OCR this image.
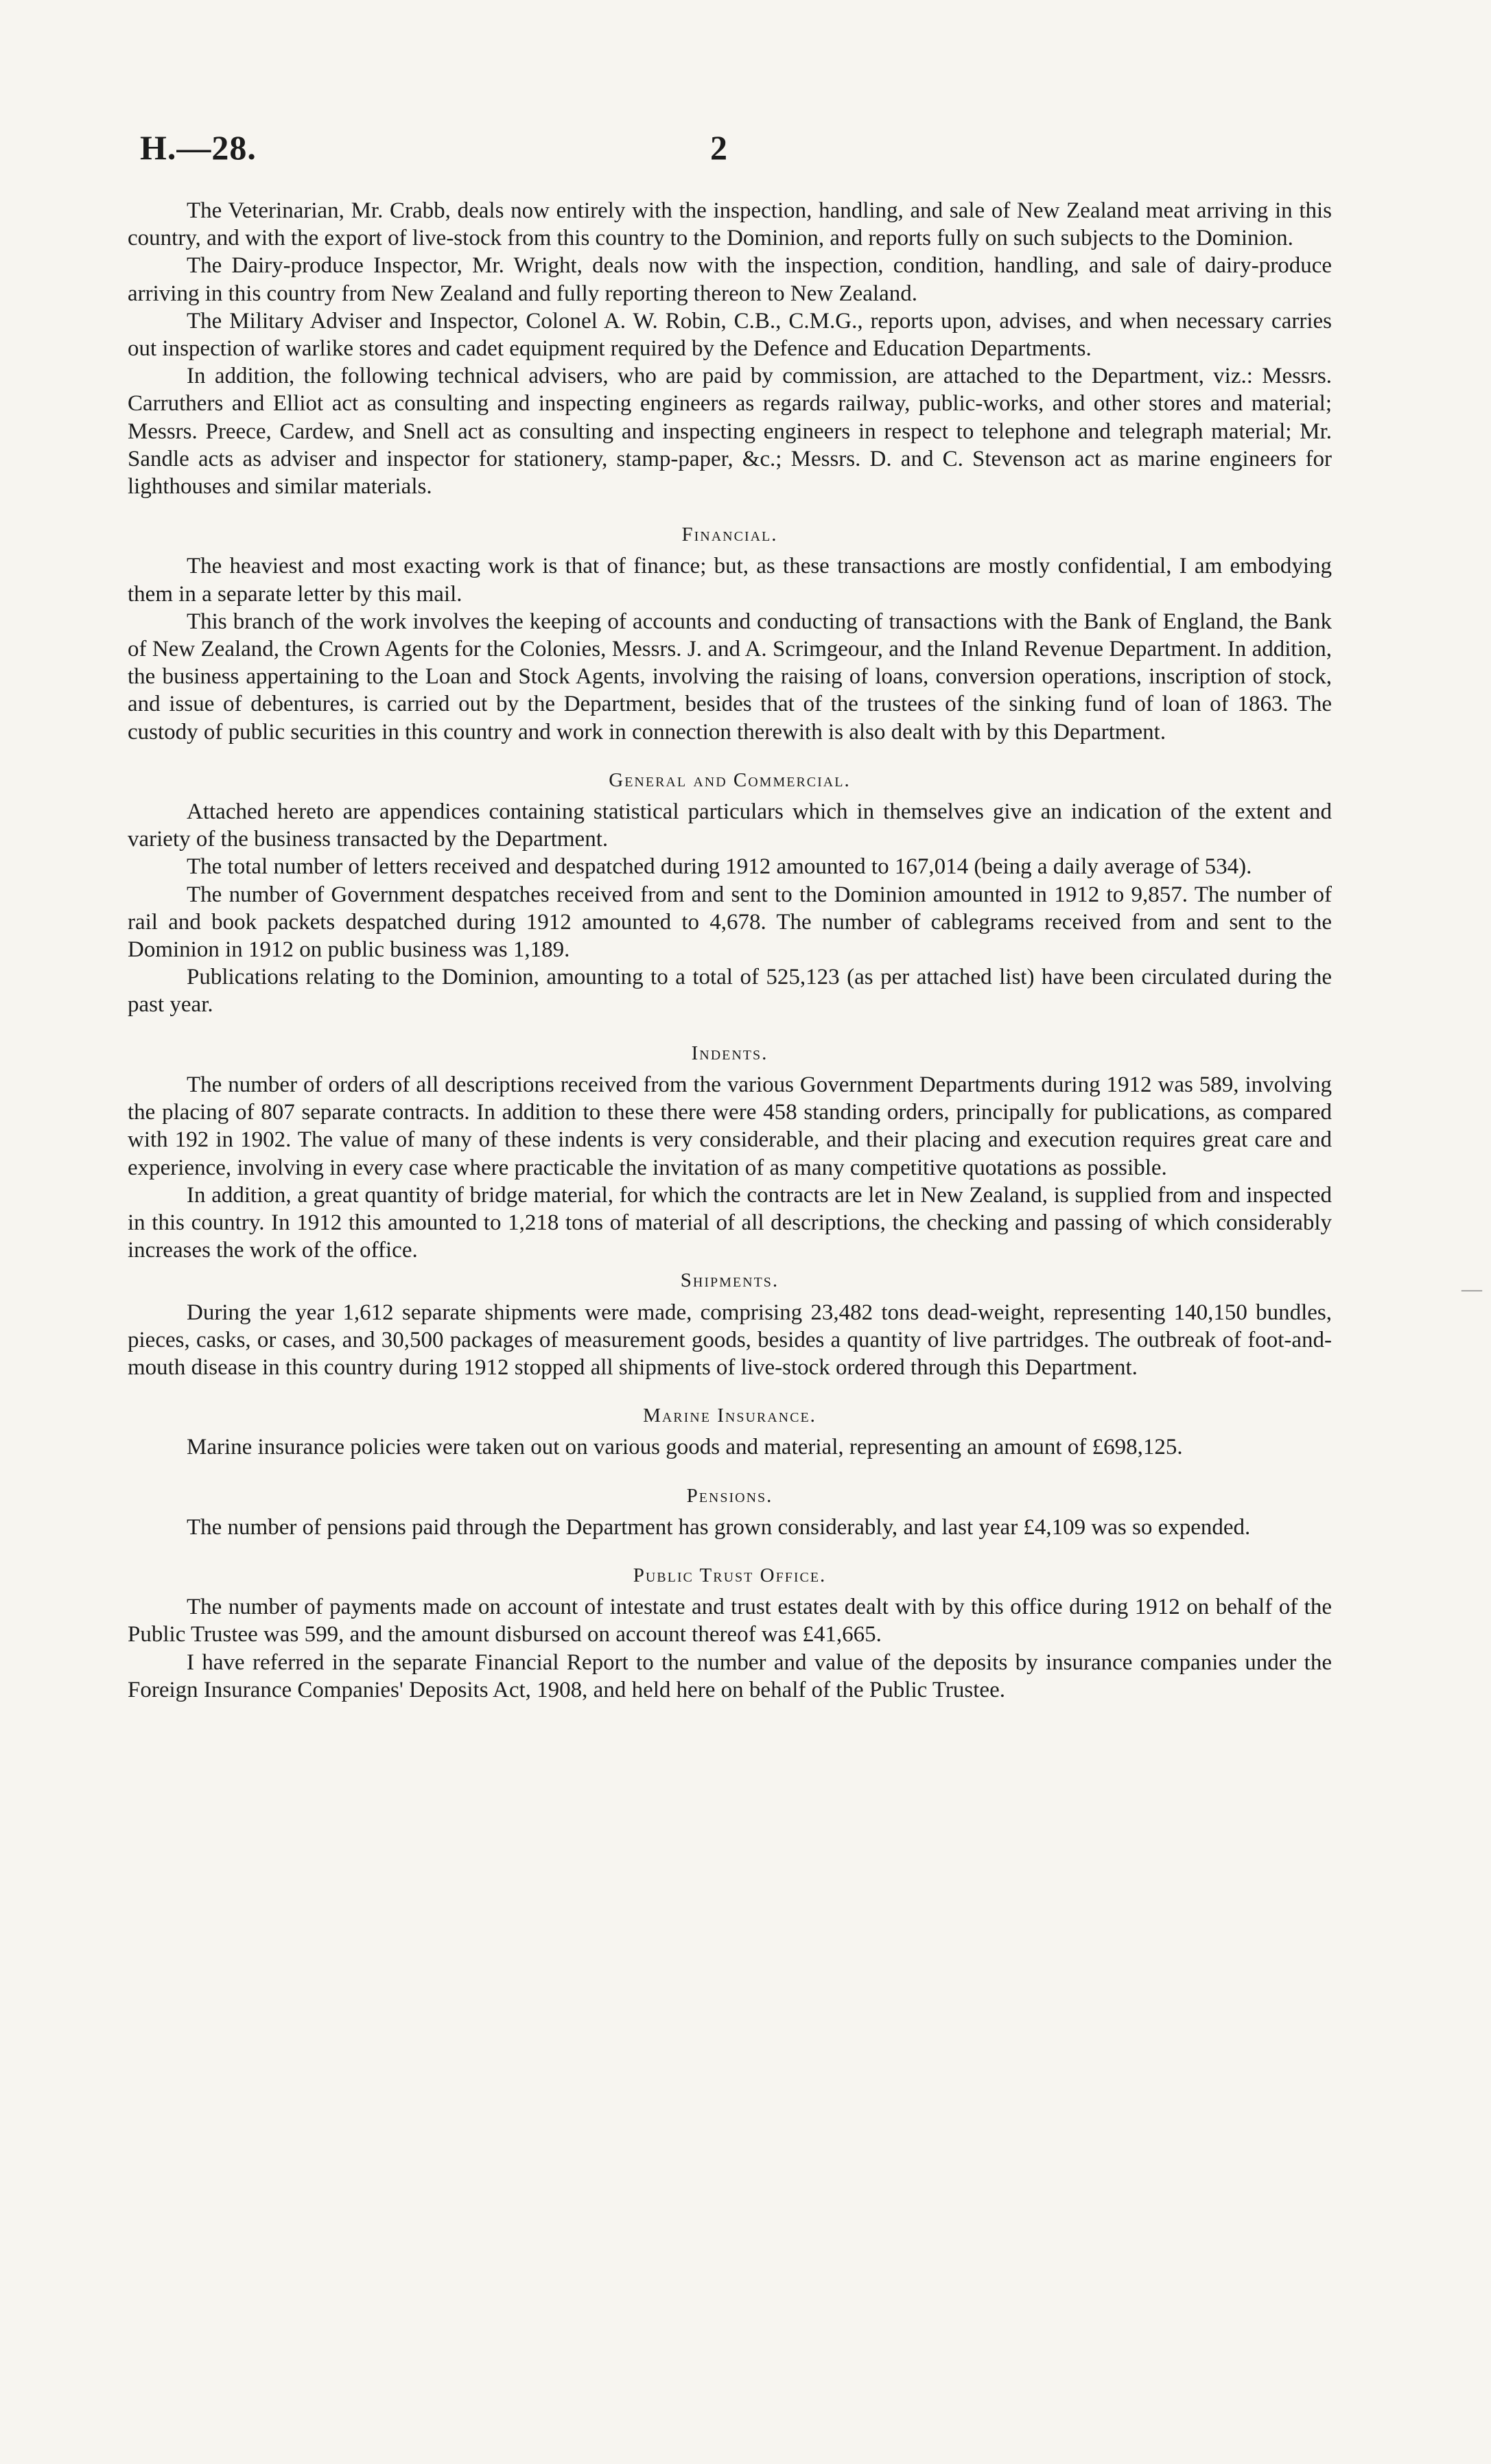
H.—28.	2

The Veterinarian, Mr. Crabb, deals now entirely with the inspection, handling, and sale of New Zealand meat arriving in this country, and with the export of live-stock from this country to the Dominion, and reports fully on such subjects to the Dominion.

The Dairy-produce Inspector, Mr. Wright, deals now with the inspection, condition, handling, and sale of dairy-produce arriving in this country from New Zealand and fully reporting thereon to New Zealand.

The Military Adviser and Inspector, Colonel A. W. Robin, C.B., C.M.G., reports upon, advises, and when necessary carries out inspection of warlike stores and cadet equipment required by the Defence and Education Departments.

In addition, the following technical advisers, who are paid by commission, are attached to the Department, viz.: Messrs. Carruthers and Elliot act as consulting and inspecting engineers as regards railway, public-works, and other stores and material; Messrs. Preece, Cardew, and Snell act as consulting and inspecting engineers in respect to telephone and telegraph material; Mr. Sandle acts as adviser and inspector for stationery, stamp-paper, &c.; Messrs. D. and C. Stevenson act as marine engineers for lighthouses and similar materials.

Financial.

The heaviest and most exacting work is that of finance; but, as these transactions are mostly confidential, I am embodying them in a separate letter by this mail.

This branch of the work involves the keeping of accounts and conducting of transactions with the Bank of England, the Bank of New Zealand, the Crown Agents for the Colonies, Messrs. J. and A. Scrimgeour, and the Inland Revenue Department. In addition, the business appertaining to the Loan and Stock Agents, involving the raising of loans, conversion operations, inscription of stock, and issue of debentures, is carried out by the Department, besides that of the trustees of the sinking fund of loan of 1863. The custody of public securities in this country and work in connection therewith is also dealt with by this Department.

General and Commercial.

Attached hereto are appendices containing statistical particulars which in themselves give an indication of the extent and variety of the business transacted by the Department.

The total number of letters received and despatched during 1912 amounted to 167,014 (being a daily average of 534).

The number of Government despatches received from and sent to the Dominion amounted in 1912 to 9,857. The number of rail and book packets despatched during 1912 amounted to 4,678. The number of cablegrams received from and sent to the Dominion in 1912 on public business was 1,189.

Publications relating to the Dominion, amounting to a total of 525,123 (as per attached list) have been circulated during the past year.

Indents.

The number of orders of all descriptions received from the various Government Departments during 1912 was 589, involving the placing of 807 separate contracts. In addition to these there were 458 standing orders, principally for publications, as compared with 192 in 1902. The value of many of these indents is very considerable, and their placing and execution requires great care and experience, involving in every case where practicable the invitation of as many competitive quotations as possible.

In addition, a great quantity of bridge material, for which the contracts are let in New Zealand, is supplied from and inspected in this country. In 1912 this amounted to 1,218 tons of material of all descriptions, the checking and passing of which considerably increases the work of the office.

Shipments.

During the year 1,612 separate shipments were made, comprising 23,482 tons dead-weight, representing 140,150 bundles, pieces, casks, or cases, and 30,500 packages of measurement goods, besides a quantity of live partridges. The outbreak of foot-and-mouth disease in this country during 1912 stopped all shipments of live-stock ordered through this Department.

Marine Insurance.

Marine insurance policies were taken out on various goods and material, representing an amount of £698,125.

Pensions.

The number of pensions paid through the Department has grown considerably, and last year £4,109 was so expended.

Public Trust Office.

The number of payments made on account of intestate and trust estates dealt with by this office during 1912 on behalf of the Public Trustee was 599, and the amount disbursed on account thereof was £41,665.

I have referred in the separate Financial Report to the number and value of the deposits by insurance companies under the Foreign Insurance Companies' Deposits Act, 1908, and held here on behalf of the Public Trustee.

—
